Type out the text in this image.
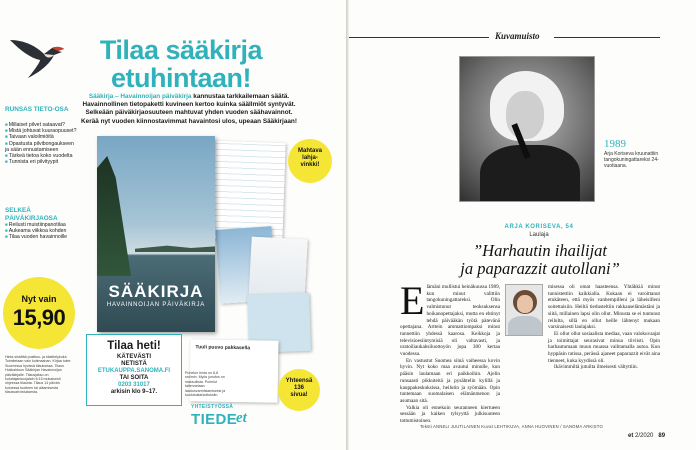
Tilaa sääkirja
etuhintaan!
Sääkirja – Havainnoijan päiväkirja kannustaa tarkkailemaan säätä. Havainnollinen tietopaketti kuvineen kertoo kuinka säällmiöt syntyvät. Selkeään päiväkirjaosuuteen mahtuvat yhden vuoden säähavainnot. Kerää nyt vuoden kiinnostavimmat havaintosi ulos, upeaan Sääkirjaan!
RUNSAS TIETO-OSA
■ Millaiset pilvet sataavat?
■ Mistä johtuvat kuuraopuuset?
■ Taivaan valoilmiöitä
■ Opastusta pilvibongaukseen ja sään ennustamiseen
■ Tärkeä tietoa koko vuodelta
■ Tunnista eri pilvityypit
SELKEÄ PÄIVÄKIRJAOSA
■ Reilusti muistiinpanotilaa
■ Aukeama viikkoa kohden
■ Tilaa vuoden havainnoille
Nyt vain
15,90
Hinta sisältää postitus- ja käsittelykulut. Toimitetaan vain kotimaahan. Kirjaa tulee Suomessa hyvissä tilauksissa. Tilaus Hokkaidoon Sääkirjan Havainnoijan päiväkirjalle. Tilausjakso on kuluttajansuojalain 6:15 mukaisesti ohjeessa tilausta. Tilaus 14 päivän kuluessa tuotteen tai alkamisesta tilausvahvistuksesta.
Tuuli puuvo pakkasella
SÄÄKIRJA
HAVAINNOIJAN PÄIVÄKIRJA
Mahtava
lahja-
vinkki!
Tilaa heti!
KÄTEVÄSTI
NETISTÄ
ETUKAUPPA.SANOMA.FI
TAI SOITA
0203 31017
arkisin klo 9–17.
Puhelun hinta on 8,8 snt/min. Myös jonotus on maksullista. Puhelut tallennetaan laadunvarmistamiseksi ja koulutustarkoituksiin.
Yhteensä
136
sivua!
YHTEISTYÖSSÄ
TIEDE
et
Kuvamuisto
1989
Arja Koriseva kruunattiin tangokuningattareksi 24-vuotiaana.
ARJA KORISEVA, 54
Laulaja
”Harhautin ihailijat
ja paparazzit autollani”
Elämäni mullistui heinäkuussa 1989, kun minut valittiin tangokuningattareksi. Olin valmistunut teoksuksensa hoikanopettajaksi, mutta en ehtinyt tehdä päivääkän työtä pätevänä opettajana. Arttein ammattiompaksi minut tunnettiin yhdessä kaarosa. Keikkoja ja televisioesiintymisiä oli valtavasti, ja uratoiliaukahsiluottoyön jopa 300 kertaa vuodessa.

En vastustut Suomea siinä vaiheessa kovin hyvin. Nyt koko maa avautui minulle, kun pääsin laulamaan eri paikkoihin. Ajelin runsaasti pikkuteitä ja pysähtelin kylillä ja kauppakeskuksissa, heilutin ja syömään. Opin tuntemaan suomalaisen elämänmenon ja asumaan sitä.

Valkia oli ennekuin seuranneen kiertueen sessään ja kaiken tylsyyttä julkisuuteen tottumistoinen.

misessa oli omat haasteensa. Yhtäkkiä minut tunnistettiin kaikkialla. Kukaan ei varoittanut etukäteen, että myös vanhempilleni ja läheisilleni soitettaisiin. Heiltä tiedusteltiin rakkauselämästäni ja siitä, millainen lapsi olin ollut. Minusta se ei tuntunut reilulta, sillä en ollut heille lähtenyt mukaan varsinaisesti laulajaksi.

Ei ollut ollut sosiaalista mediaa, vaan valokuvaajat ja toimittajat seurasivat minua tiiviisti. Opin harhautumaan muun muassa vaihtamalla autoa. Kun hyppäsin ratissa, perässä ajaneet paparazzit eivät aina tienneet, kuka kyydissä oli.

Ikävimmiltä jutuilta ilmeisesti vältyttiin.

Teksti ANNELI JUUTILAINEN Kuvat LEHTIKUVA, ANNA HUOVINEN / SANOMA ARKISTO
et 2/2020 89
